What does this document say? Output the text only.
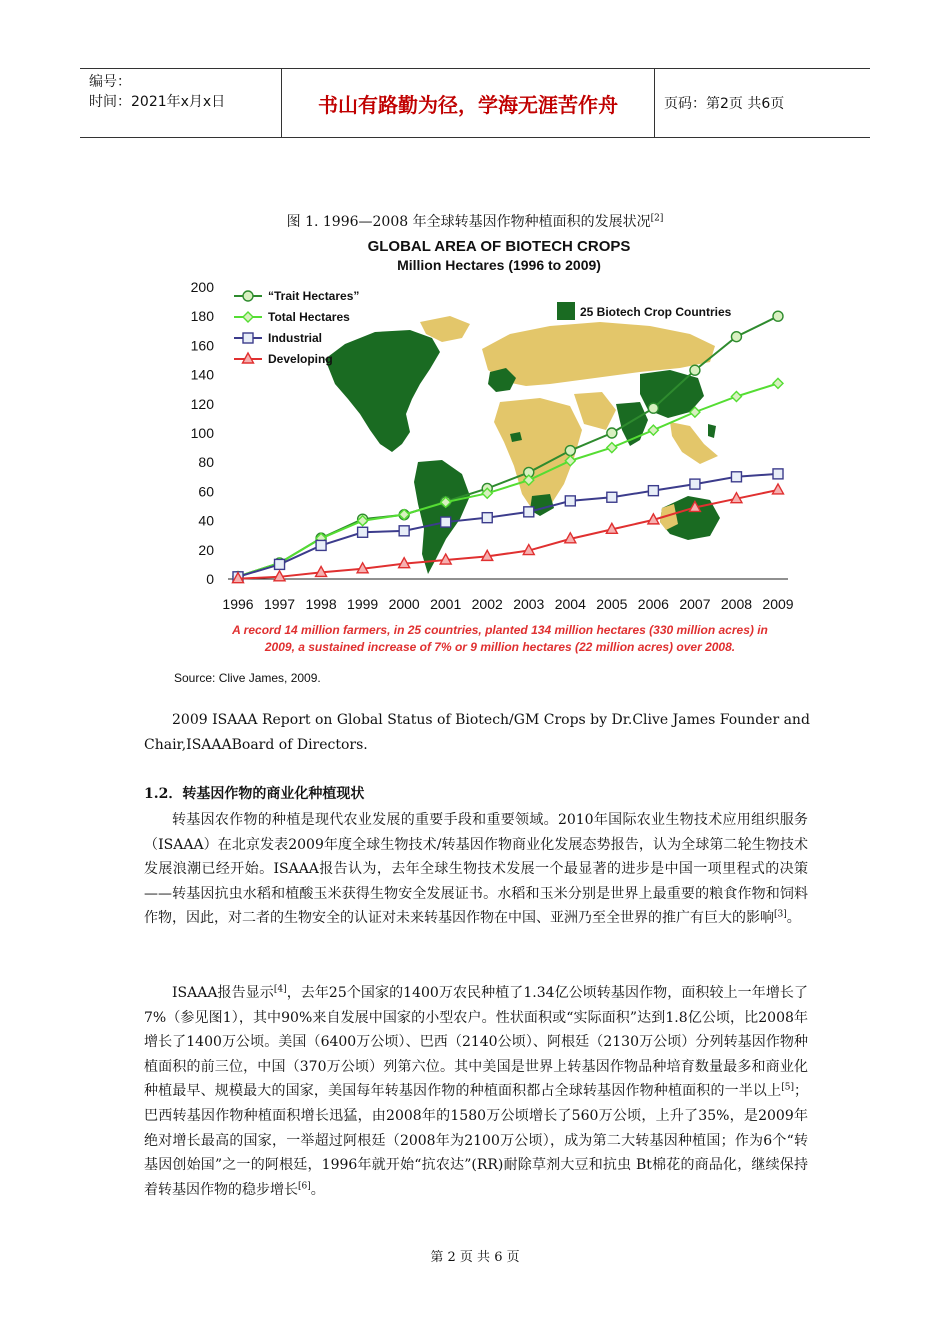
编号：
时间：2021年x月x日	书山有路勤为径，学海无涯苦作舟	页码：第2页 共6页
图 1. 1996—2008 年全球转基因作物种植面积的发展状况[2]
25 Biotech Crop Countries
0
20
40
60
80
100
120
140
160
180
200
1996 1997 1998 1999 2000 2001 2002 2003 2004 2005 2006 2007 2008 2009
“Trait Hectares”
Total Hectares
Industrial
Developing
GLOBAL AREA OF BIOTECH CROPS
Million Hectares (1996 to 2009)
A record 14 million farmers, in 25 countries, planted 134 million hectares (330 million acres) in
2009, a sustained increase of 7% or 9 million hectares (22 million acres) over 2008.
Source: Clive James, 2009.
2009 ISAAA Report on Global Status of Biotech/GM Crops by Dr.Clive James Founder and Chair,ISAAABoard of Directors.
1.2．转基因作物的商业化种植现状
转基因农作物的种植是现代农业发展的重要手段和重要领域。2010年国际农业生物技术应用组织服务（ISAAA）在北京发表2009年度全球生物技术/转基因作物商业化发展态势报告，认为全球第二轮生物技术发展浪潮已经开始。ISAAA报告认为，去年全球生物技术发展一个最显著的进步是中国一项里程式的决策——转基因抗虫水稻和植酸玉米获得生物安全发展证书。水稻和玉米分别是世界上最重要的粮食作物和饲料作物，因此，对二者的生物安全的认证对未来转基因作物在中国、亚洲乃至全世界的推广有巨大的影响[3]。
ISAAA报告显示[4]，去年25个国家的1400万农民种植了1.34亿公顷转基因作物，面积较上一年增长了7%（参见图1），其中90%来自发展中国家的小型农户。性状面积或“实际面积”达到1.8亿公顷，比2008年增长了1400万公顷。美国（6400万公顷）、巴西（2140公顷）、阿根廷（2130万公顷）分列转基因作物种植面积的前三位，中国（370万公顷）列第六位。其中美国是世界上转基因作物品种培育数量最多和商业化种植最早、规模最大的国家，美国每年转基因作物的种植面积都占全球转基因作物种植面积的一半以上[5]；巴西转基因作物种植面积增长迅猛，由2008年的1580万公顷增长了560万公顷，上升了35%，是2009年绝对增长最高的国家，一举超过阿根廷（2008年为2100万公顷），成为第二大转基因种植国；作为6个“转基因创始国”之一的阿根廷，1996年就开始“抗农达”(RR)耐除草剂大豆和抗虫 Bt棉花的商品化，继续保持着转基因作物的稳步增长[6]。
第 2 页 共 6 页
